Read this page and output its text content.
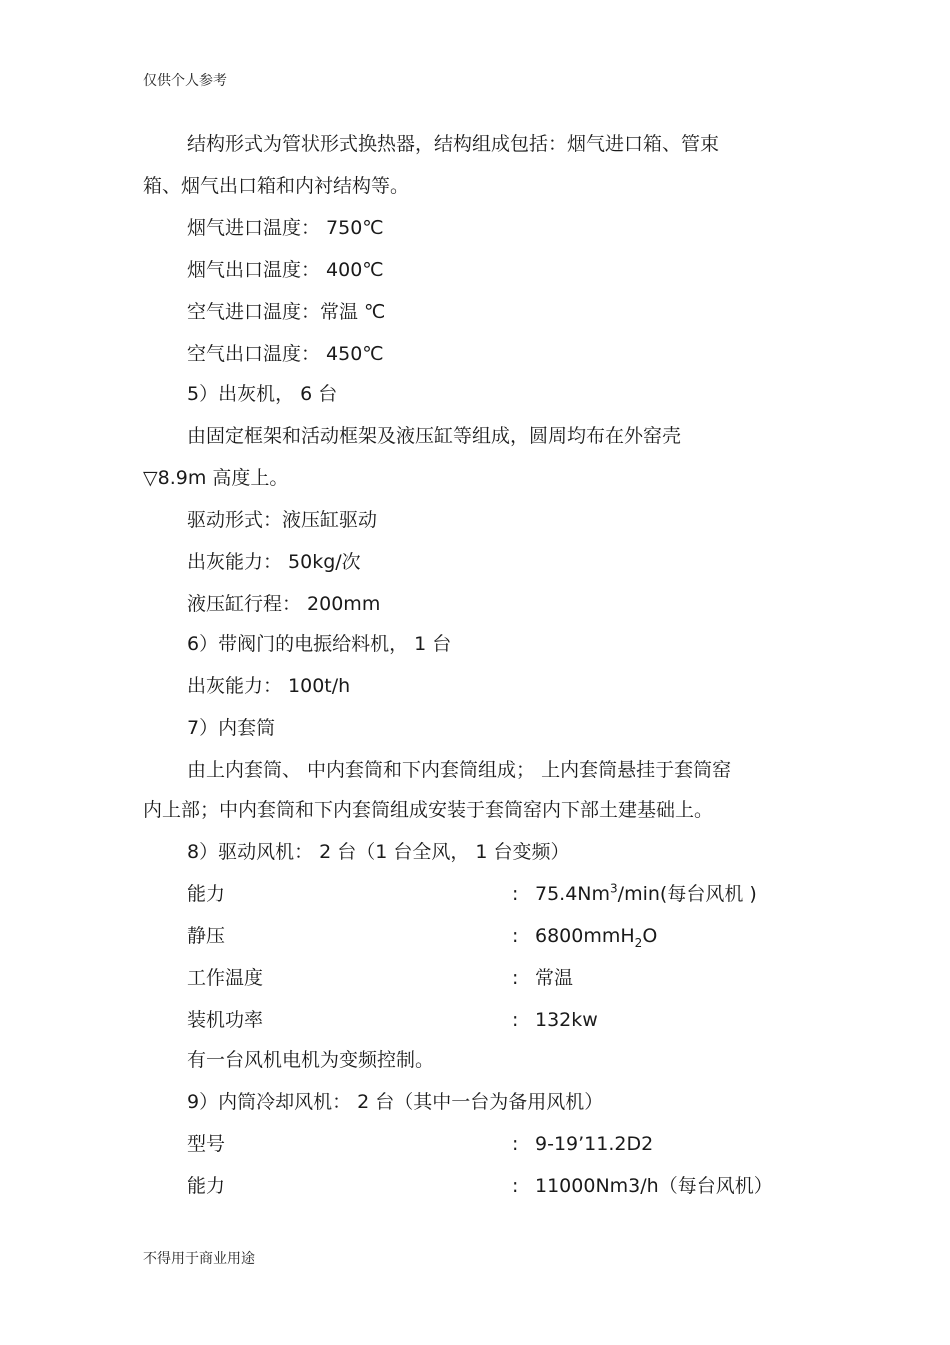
仅供个人参考
结构形式为管状形式换热器，结构组成包括：烟气进口箱、管束
箱、烟气出口箱和内衬结构等。
烟气进口温度： 750℃
烟气出口温度： 400℃
空气进口温度：常温 ℃
空气出口温度： 450℃
5）出灰机， 6 台
由固定框架和活动框架及液压缸等组成，圆周均布在外窑壳
▽8.9m 高度上。
驱动形式：液压缸驱动
出灰能力： 50kg/次
液压缸行程： 200mm
6）带阀门的电振给料机， 1 台
出灰能力： 100t/h
7）内套筒
由上内套筒、 中内套筒和下内套筒组成； 上内套筒悬挂于套筒窑
内上部；中内套筒和下内套筒组成安装于套筒窑内下部土建基础上。
8）驱动风机： 2 台（1 台全风， 1 台变频）
能力	: 75.4Nm$^3$/min(每台风机 )
静压	: 6800mmH$_2$O
工作温度	: 常温
装机功率	: 132kw
有一台风机电机为变频控制。
9）内筒冷却风机： 2 台（其中一台为备用风机）
型号	: 9-19’11.2D2
能力	: 11000Nm3/h（每台风机）
不得用于商业用途
